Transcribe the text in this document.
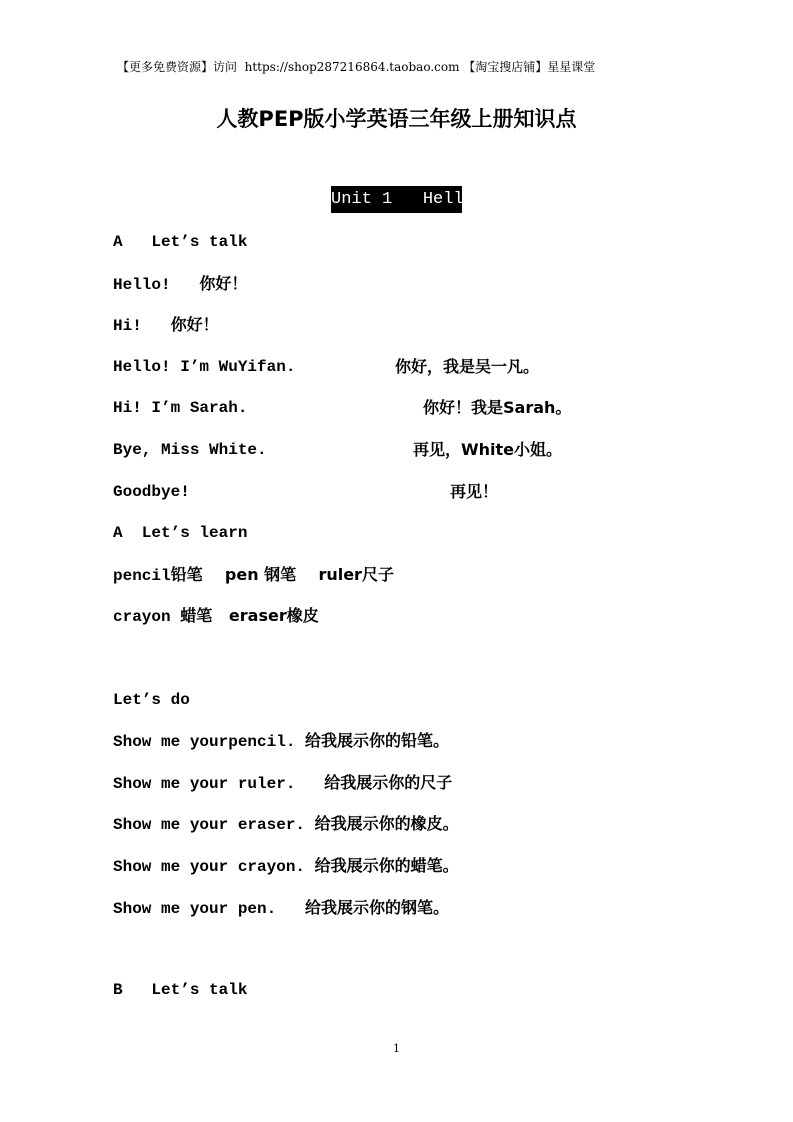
【更多免费资源】访问  https://shop287216864.taobao.com 【淘宝搜店铺】星星课堂
人教PEP版小学英语三年级上册知识点
Unit 1   Hello
A   Let’s talk
Hello!   你好！
Hi!   你好！
Hello! I’m WuYifan.	你好，我是吴一凡。
Hi! I’m Sarah.	你好！我是Sarah。
Bye, Miss White.	再见，White小姐。
Goodbye!	再见！
A  Let’s learn
pencil铅笔    pen 钢笔    ruler尺子
crayon 蜡笔   eraser橡皮
Let’s do
Show me yourpencil. 给我展示你的铅笔。
Show me your ruler.   给我展示你的尺子
Show me your eraser. 给我展示你的橡皮。
Show me your crayon. 给我展示你的蜡笔。
Show me your pen.   给我展示你的钢笔。
B   Let’s talk
1
